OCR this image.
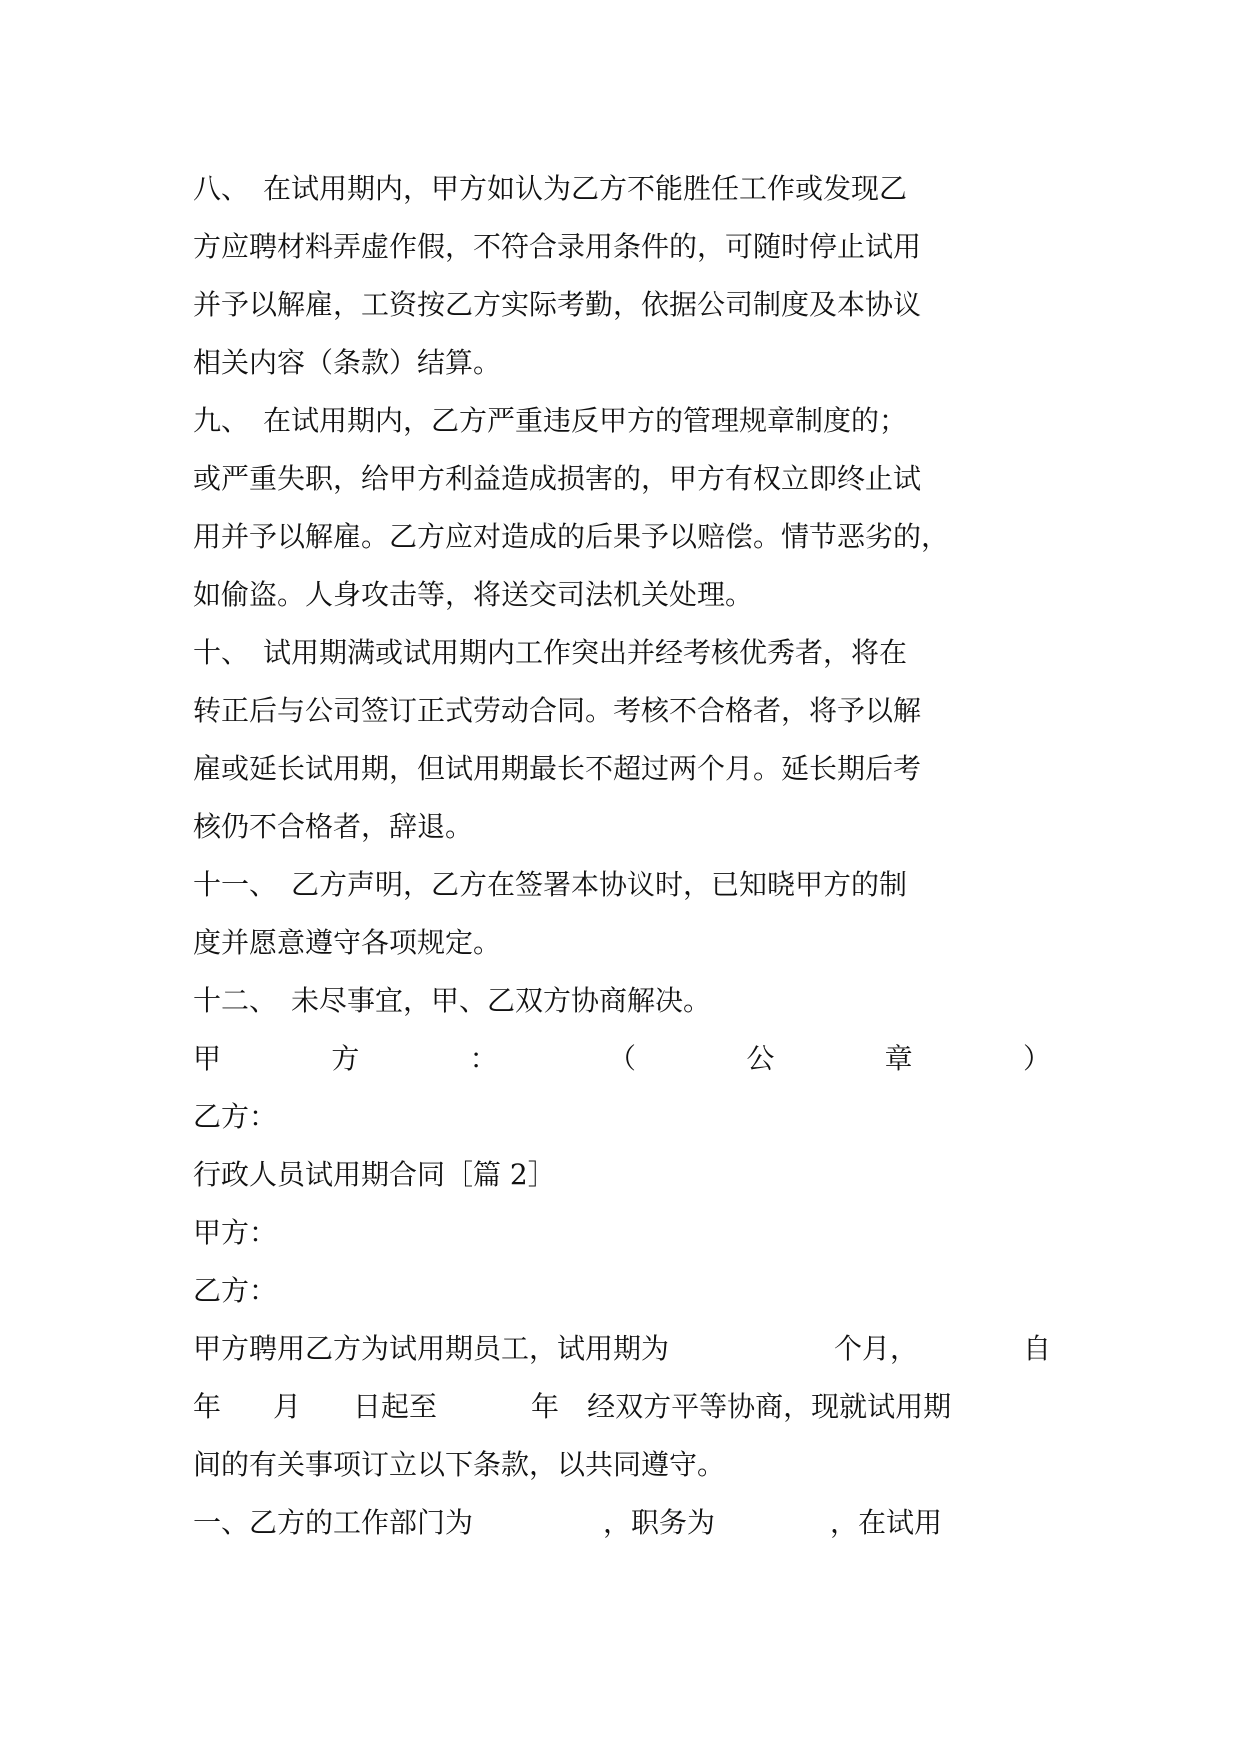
八、　在试用期内，甲方如认为乙方不能胜任工作或发现乙
方应聘材料弄虚作假，不符合录用条件的，可随时停止试用
并予以解雇，工资按乙方实际考勤，依据公司制度及本协议
相关内容（条款）结算。
九、　在试用期内，乙方严重违反甲方的管理规章制度的；
或严重失职，给甲方利益造成损害的，甲方有权立即终止试
用并予以解雇。乙方应对造成的后果予以赔偿。情节恶劣的，
如偷盗。人身攻击等，将送交司法机关处理。
十、　试用期满或试用期内工作突出并经考核优秀者，将在
转正后与公司签订正式劳动合同。考核不合格者，将予以解
雇或延长试用期，但试用期最长不超过两个月。延长期后考
核仍不合格者，辞退。
十一、　乙方声明，乙方在签署本协议时，已知晓甲方的制
度并愿意遵守各项规定。
十二、　未尽事宜，甲、乙双方协商解决。
甲	方	：	（	公	章	）
乙方：
行政人员试用期合同［篇 2］
甲方：
乙方：
甲方聘用乙方为试用期员工，试用期为	个月，	自
年 月 日起至	年 经双方平等协商，现就试用期
间的有关事项订立以下条款，以共同遵守。
一、乙方的工作部门为	，职务为	，在试用
